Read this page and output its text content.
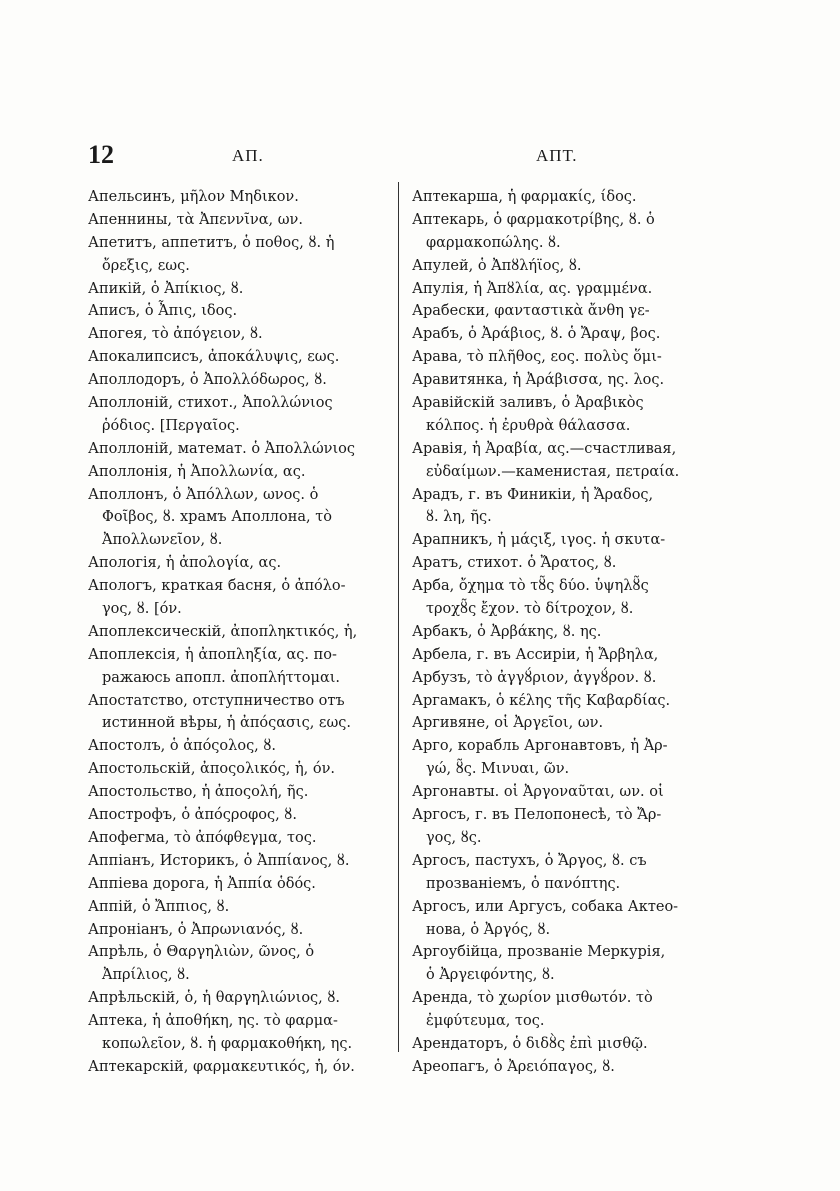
12	АП.	АПТ.
Апельсинъ, μῆλον Μηδικον.
Апеннины, τὰ Ἀπεννῖνα, ων.
Апетитъ, аппетитъ, ὁ ποθος, ȣ. ἡ
ὄρεξις, εως.
Апикій, ὁ Ἀπίκιος, ȣ.
Аписъ, ὁ Ἆπις, ιδος.
Апогея, τὸ ἀπόγειον, ȣ.
Апокалипсисъ, ἀποκάλυψις, εως.
Аполлодоръ, ὁ Ἀπολλόδωρος, ȣ.
Аполлоній, стихот., Ἀπολλώνιος
ῥόδιος. [Περγαῖος.
Аполлоній, математ. ὁ Ἀπολλώνιος
Аполлонія, ἡ Ἀπολλωνία, ας.
Аполлонъ, ὁ Ἀπόλλων, ωνος. ὁ
Φοῖβος, ȣ. храмъ Аполлона, τὸ
Ἀπολλωνεῖον, ȣ.
Апологія, ἡ ἀπολογία, ας.
Апологъ, краткая басня, ὁ ἀπόλο-
γος, ȣ. [όν.
Апоплексическій, ἀποπληκτικός, ἡ,
Апоплексія, ἡ ἀποπληξία, ας. по-
ражаюсь апопл. ἀποπλήττομαι.
Апостатство, отступничество отъ
истинной вѣры, ἡ ἀπόςασις, εως.
Апостолъ, ὁ ἀπόςολος, ȣ.
Апостольскій, ἀποςολικός, ἡ, όν.
Апостольство, ἡ ἀποςολή, ῆς.
Апострофъ, ὁ ἀπόςροφος, ȣ.
Апофегма, τὸ ἀπόφθεγμα, τος.
Аппіанъ, Историкъ, ὁ Ἀππίανος, ȣ.
Аппіева дорога, ἡ Ἀππία ὁδός.
Аппій, ὁ Ἄππιος, ȣ.
Апроніанъ, ὁ Ἀπρωνιανός, ȣ.
Апрѣль, ὁ Θαργηλιὼν, ῶνος, ὁ
Ἀπρίλιος, ȣ.
Апрѣльскій, ὁ, ἡ θαργηλιώνιος, ȣ.
Аптека, ἡ ἀποθήκη, ης. τὸ φαρμα-
κοπωλεῖον, ȣ. ἡ φαρμακοθήκη, ης.
Аптекарскій, φαρμακευτικός, ἡ, όν.
Аптекарша, ἡ φαρμακίς, ίδος.
Аптекарь, ὁ φαρμακοτρίβης, ȣ. ὁ
φαρμακοπώλης. ȣ.
Апулей, ὁ Ἀπȣλήϊος, ȣ.
Апулія, ἡ Ἀπȣλία, ας. γραμμένα.
Арабески, φανταστικὰ ἄνθη γε-
Арабъ, ὁ Ἀράβιος, ȣ. ὁ Ἄραψ, βος.
Арава, τὸ πλῆθος, εος. πολὺς ὅμι-
Аравитянка, ἡ Ἀράβισσα, ης. λος.
Аравійскій заливъ, ὁ Ἀραβικὸς
κόλπος. ἡ ἐρυθρὰ θάλασσα.
Аравія, ἡ Ἀραβία, ας.—счастливая,
εὐδαίμων.—каменистая, πετραία.
Арадъ, г. въ Финикіи, ἡ Ἄραδος,
ȣ. λη, ῆς.
Арапникъ, ἡ μάςιξ, ιγος. ἡ σκυτα-
Аратъ, стихот. ὁ Ἄρατος, ȣ.
Арба, ὄχημα τὸ τȣ̃ς δύο. ὑψηλȣ̃ς
τροχȣ̃ς ἔχον. τὸ δίτροχον, ȣ.
Арбакъ, ὁ Ἀρβάκης, ȣ. ης.
Арбела, г. въ Ассиріи, ἡ Ἄρβηλα,
Арбузъ, τὸ ἀγγȣ́ριον, ἀγγȣ́ρον. ȣ.
Аргамакъ, ὁ κέλης τῆς Καβαρδίας.
Аргивяне, οἱ Ἀργεῖοι, ων.
Арго, корабль Аргонавтовъ, ἡ Ἀρ-
γώ, ȣ̃ς. Μινυαι, ῶν.
Аргонавты. οἱ Ἀργοναῦται, ων. οἱ
Аргосъ, г. въ Пелопонесѣ, τὸ Ἄρ-
γος, ȣς.
Аргосъ, пастухъ, ὁ Ἄργος, ȣ. съ
прозваніемъ, ὁ πανόπτης.
Аргосъ, или Аргусъ, собака Актео-
нова, ὁ Ἀργός, ȣ.
Аргоубійца, прозваніе Меркурія,
ὁ Ἀργειφόντης, ȣ.
Аренда, τὸ χωρίον μισθωτόν. τὸ
ἐμφύτευμα, τος.
Арендаторъ, ὁ διδȣ̀ς ἐπὶ μισθῷ.
Ареопагъ, ὁ Ἀρειόπαγος, ȣ.
